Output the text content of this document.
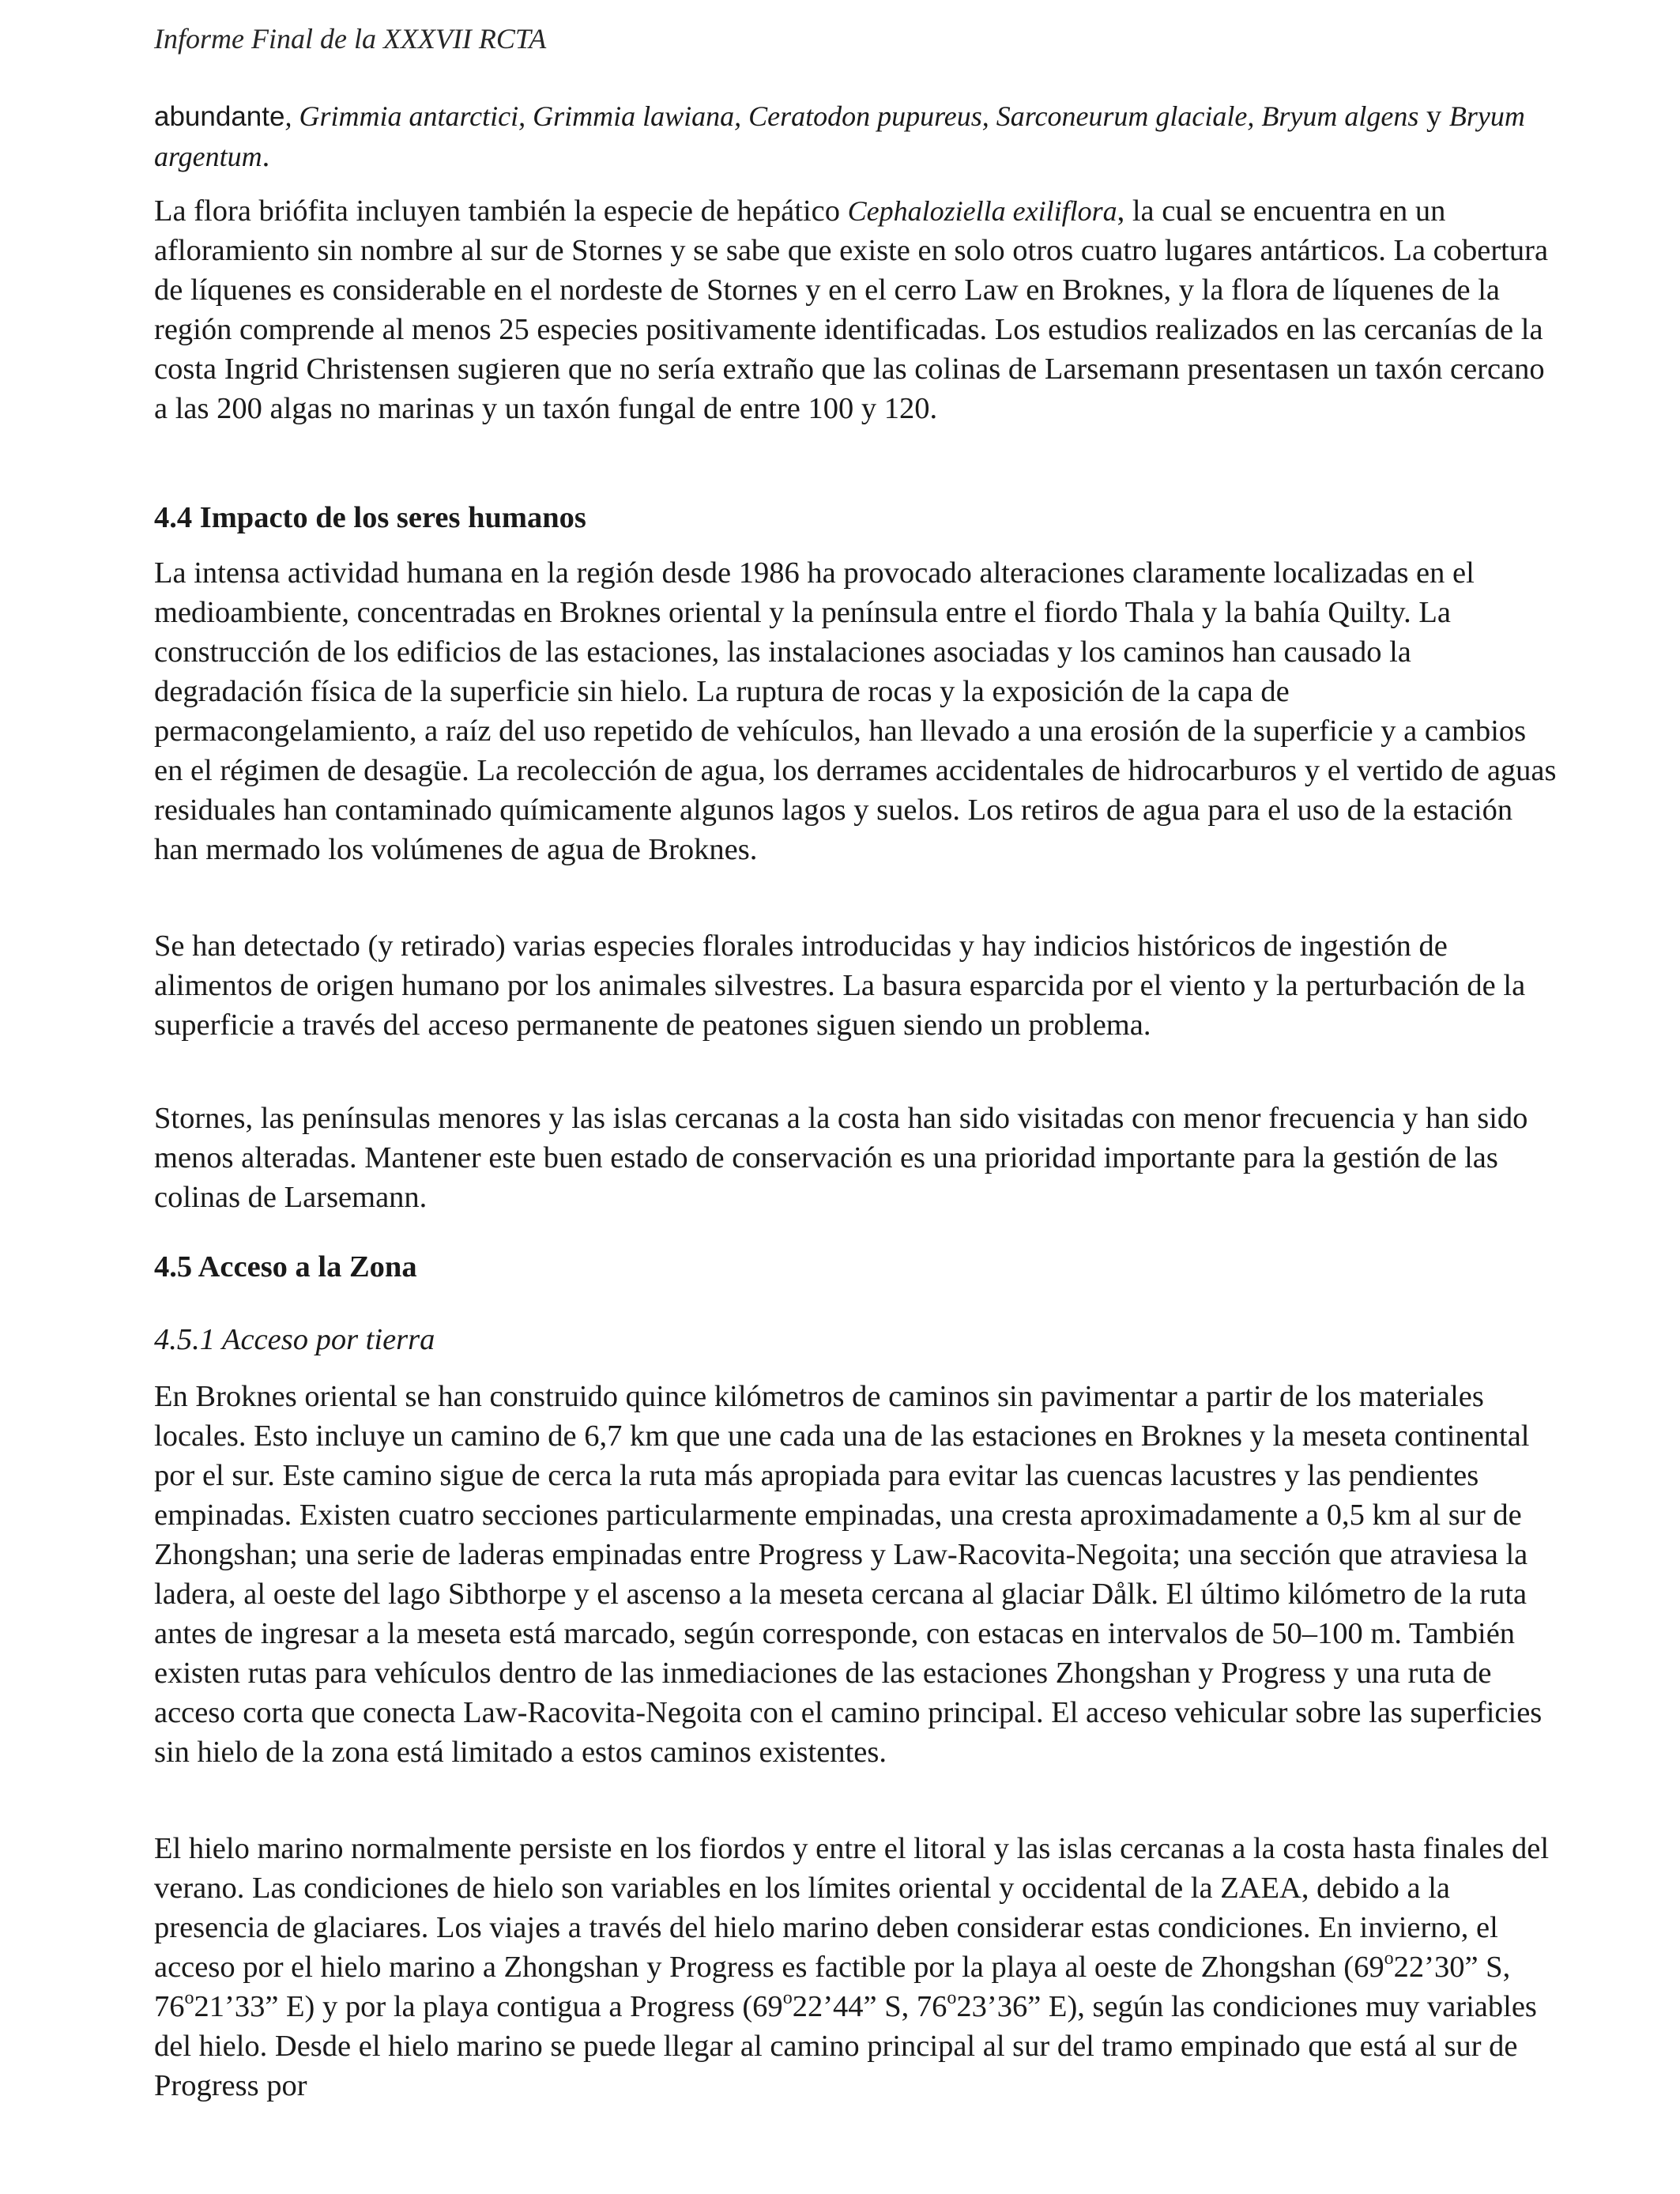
Informe Final de la XXXVII RCTA

abundante, Grimmia antarctici, Grimmia lawiana, Ceratodon pupureus, Sarconeurum glaciale, Bryum algens y Bryum argentum.

La flora briófita incluyen también la especie de hepático Cephaloziella exiliflora, la cual se encuentra en un afloramiento sin nombre al sur de Stornes y se sabe que existe en solo otros cuatro lugares antárticos. La cobertura de líquenes es considerable en el nordeste de Stornes y en el cerro Law en Broknes, y la flora de líquenes de la región comprende al menos 25 especies positivamente identificadas. Los estudios realizados en las cercanías de la costa Ingrid Christensen sugieren que no sería extraño que las colinas de Larsemann presentasen un taxón cercano a las 200 algas no marinas y un taxón fungal de entre 100 y 120.

4.4 Impacto de los seres humanos
La intensa actividad humana en la región desde 1986 ha provocado alteraciones claramente localizadas en el medioambiente, concentradas en Broknes oriental y la península entre el fiordo Thala y la bahía Quilty. La construcción de los edificios de las estaciones, las instalaciones asociadas y los caminos han causado la degradación física de la superficie sin hielo. La ruptura de rocas y la exposición de la capa de permacongelamiento, a raíz del uso repetido de vehículos, han llevado a una erosión de la superficie y a cambios en el régimen de desagüe. La recolección de agua, los derrames accidentales de hidrocarburos y el vertido de aguas residuales han contaminado químicamente algunos lagos y suelos. Los retiros de agua para el uso de la estación han mermado los volúmenes de agua de Broknes.
Se han detectado (y retirado) varias especies florales introducidas y hay indicios históricos de ingestión de alimentos de origen humano por los animales silvestres. La basura esparcida por el viento y la perturbación de la superficie a través del acceso permanente de peatones siguen siendo un problema.
Stornes, las penínsulas menores y las islas cercanas a la costa han sido visitadas con menor frecuencia y han sido menos alteradas. Mantener este buen estado de conservación es una prioridad importante para la gestión de las colinas de Larsemann.
4.5 Acceso a la Zona
4.5.1 Acceso por tierra
En Broknes oriental se han construido quince kilómetros de caminos sin pavimentar a partir de los materiales locales. Esto incluye un camino de 6,7 km que une cada una de las estaciones en Broknes y la meseta continental por el sur. Este camino sigue de cerca la ruta más apropiada para evitar las cuencas lacustres y las pendientes empinadas. Existen cuatro secciones particularmente empinadas, una cresta aproximadamente a 0,5 km al sur de Zhongshan; una serie de laderas empinadas entre Progress y Law-Racovita-Negoita; una sección que atraviesa la ladera, al oeste del lago Sibthorpe y el ascenso a la meseta cercana al glaciar Dålk. El último kilómetro de la ruta antes de ingresar a la meseta está marcado, según corresponde, con estacas en intervalos de 50–100 m. También existen rutas para vehículos dentro de las inmediaciones de las estaciones Zhongshan y Progress y una ruta de acceso corta que conecta Law-Racovita-Negoita con el camino principal. El acceso vehicular sobre las superficies sin hielo de la zona está limitado a estos caminos existentes.

El hielo marino normalmente persiste en los fiordos y entre el litoral y las islas cercanas a la costa hasta finales del verano. Las condiciones de hielo son variables en los límites oriental y occidental de la ZAEA, debido a la presencia de glaciares. Los viajes a través del hielo marino deben considerar estas condiciones. En invierno, el acceso por el hielo marino a Zhongshan y Progress es factible por la playa al oeste de Zhongshan (69$^o$22’30” S, 76$^o$21’33” E) y por la playa contigua a Progress (69$^o$22’44” S, 76$^o$23’36” E), según las condiciones muy variables del hielo. Desde el hielo marino se puede llegar al camino principal al sur del tramo empinado que está al sur de Progress por
